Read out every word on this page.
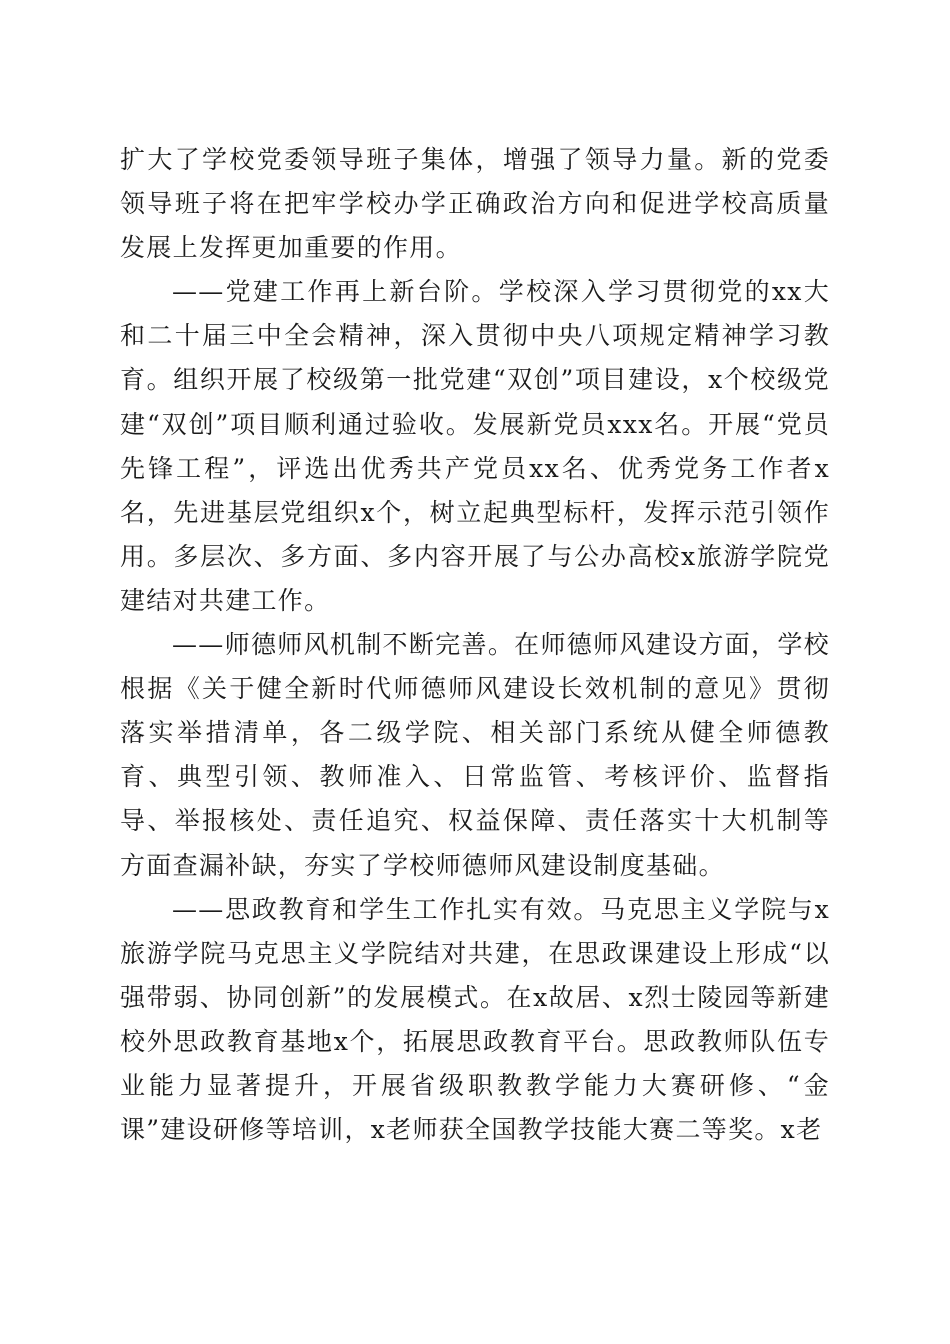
扩大了学校党委领导班子集体，增强了领导力量。新的党委领导班子将在把牢学校办学正确政治方向和促进学校高质量发展上发挥更加重要的作用。

——党建工作再上新台阶。学校深入学习贯彻党的xx大和二十届三中全会精神，深入贯彻中央八项规定精神学习教育。组织开展了校级第一批党建“双创”项目建设，x个校级党建“双创”项目顺利通过验收。发展新党员xxx名。开展“党员先锋工程”，评选出优秀共产党员xx名、优秀党务工作者x名，先进基层党组织x个，树立起典型标杆，发挥示范引领作用。多层次、多方面、多内容开展了与公办高校x旅游学院党建结对共建工作。

——师德师风机制不断完善。在师德师风建设方面，学校根据《关于健全新时代师德师风建设长效机制的意见》贯彻落实举措清单，各二级学院、相关部门系统从健全师德教育、典型引领、教师准入、日常监管、考核评价、监督指导、举报核处、责任追究、权益保障、责任落实十大机制等方面查漏补缺，夯实了学校师德师风建设制度基础。

——思政教育和学生工作扎实有效。马克思主义学院与x旅游学院马克思主义学院结对共建，在思政课建设上形成“以强带弱、协同创新”的发展模式。在x故居、x烈士陵园等新建校外思政教育基地x个，拓展思政教育平台。思政教师队伍专业能力显著提升，开展省级职教教学能力大赛研修、“金课”建设研修等培训，x老师获全国教学技能大赛二等奖。x老
